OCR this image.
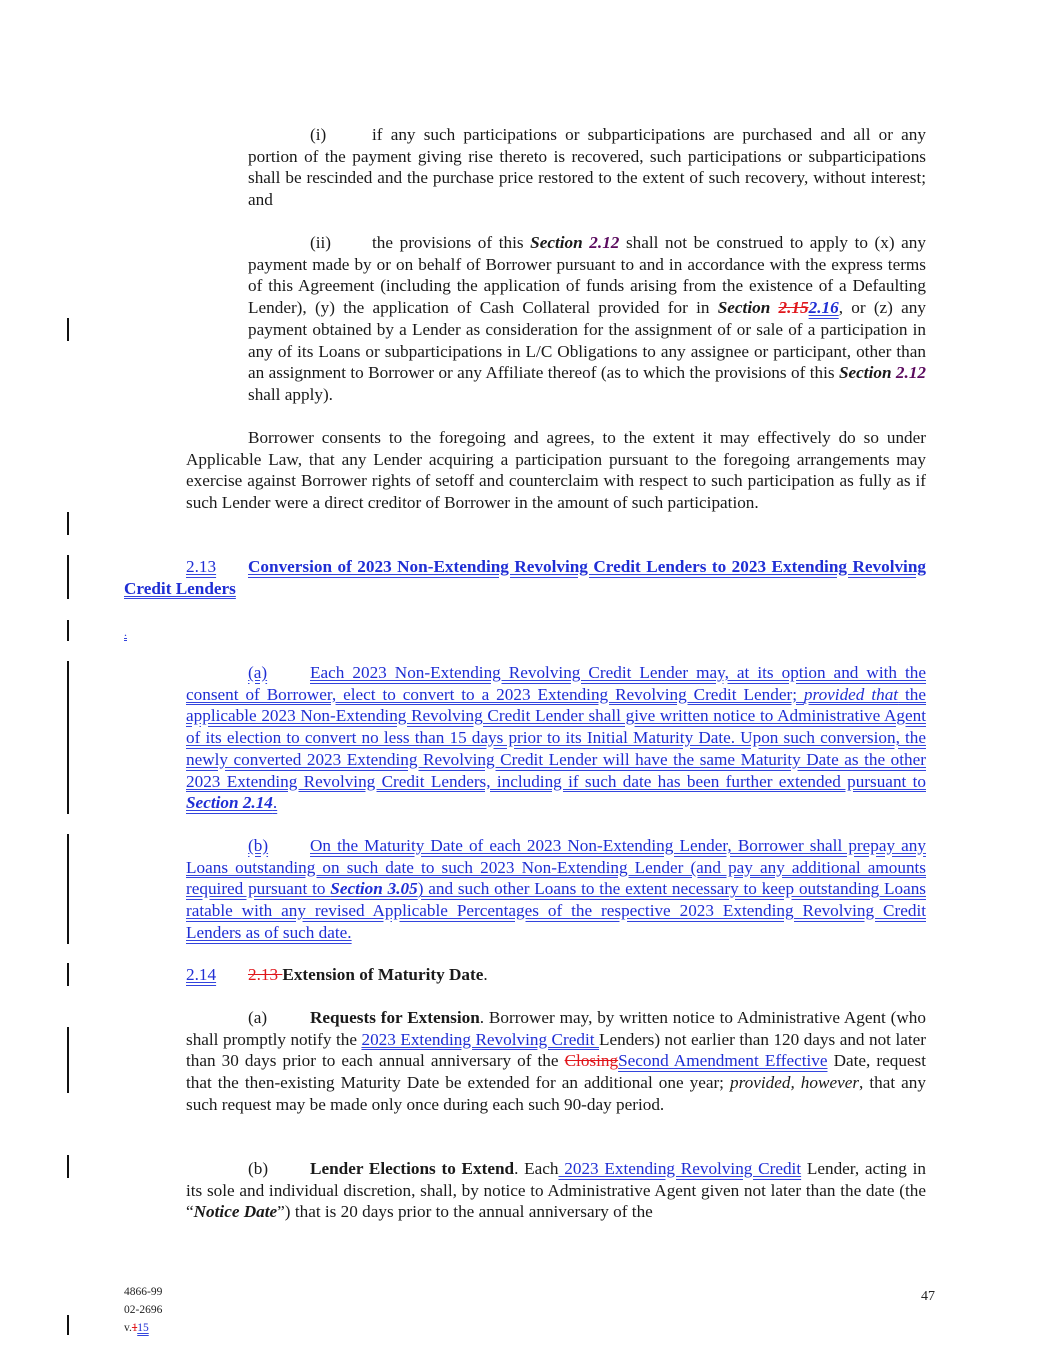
(i)	if any such participations or subparticipations are purchased and all or any portion of the payment giving rise thereto is recovered, such participations or subparticipations shall be rescinded and the purchase price restored to the extent of such recovery, without interest; and

(ii) the provisions of this Section 2.12 shall not be construed to apply to (x) any payment made by or on behalf of Borrower pursuant to and in accordance with the express terms of this Agreement (including the application of funds arising from the existence of a Defaulting Lender), (y) the application of Cash Collateral provided for in Section 2.152.16, or (z) any payment obtained by a Lender as consideration for the assignment of or sale of a participation in any of its Loans or subparticipations in L/C Obligations to any assignee or participant, other than an assignment to Borrower or any Affiliate thereof (as to which the provisions of this Section 2.12 shall apply).

Borrower consents to the foregoing and agrees, to the extent it may effectively do so under Applicable Law, that any Lender acquiring a participation pursuant to the foregoing arrangements may exercise against Borrower rights of setoff and counterclaim with respect to such participation as fully as if such Lender were a direct creditor of Borrower in the amount of such participation.

2.13 Conversion of 2023 Non-Extending Revolving Credit Lenders to 2023 Extending Revolving Credit Lenders

.

(a) Each 2023 Non-Extending Revolving Credit Lender may, at its option and with the consent of Borrower, elect to convert to a 2023 Extending Revolving Credit Lender; provided that the applicable 2023 Non-Extending Revolving Credit Lender shall give written notice to Administrative Agent of its election to convert no less than 15 days prior to its Initial Maturity Date. Upon such conversion, the newly converted 2023 Extending Revolving Credit Lender will have the same Maturity Date as the other 2023 Extending Revolving Credit Lenders, including if such date has been further extended pursuant to Section 2.14.

(b) On the Maturity Date of each 2023 Non-Extending Lender, Borrower shall prepay any Loans outstanding on such date to such 2023 Non-Extending Lender (and pay any additional amounts required pursuant to Section 3.05) and such other Loans to the extent necessary to keep outstanding Loans ratable with any revised Applicable Percentages of the respective 2023 Extending Revolving Credit Lenders as of such date.

2.14 2.13 Extension of Maturity Date.

(a) Requests for Extension. Borrower may, by written notice to Administrative Agent (who shall promptly notify the 2023 Extending Revolving Credit Lenders) not earlier than 120 days and not later than 30 days prior to each annual anniversary of the ClosingSecond Amendment Effective Date, request that the then-existing Maturity Date be extended for an additional one year; provided, however, that any such request may be made only once during each such 90-day period.

(b) Lender Elections to Extend. Each 2023 Extending Revolving Credit Lender, acting in its sole and individual discretion, shall, by notice to Administrative Agent given not later than the date (the “Notice Date”) that is 20 days prior to the annual anniversary of the

4866-99
02-2696
v.115
47
